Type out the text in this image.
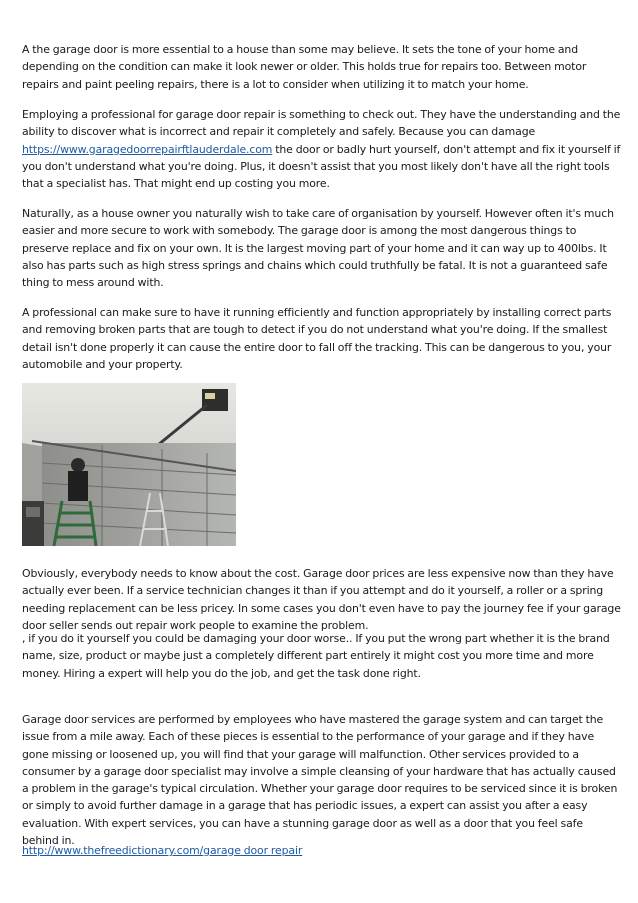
A the garage door is more essential to a house than some may believe. It sets the tone of your home and depending on the condition can make it look newer or older. This holds true for repairs too. Between motor repairs and paint peeling repairs, there is a lot to consider when utilizing it to match your home.

Employing a professional for garage door repair is something to check out. They have the understanding and the ability to discover what is incorrect and repair it completely and safely. Because you can damage https://www.garagedoorrepairftlauderdale.com the door or badly hurt yourself, don't attempt and fix it yourself if you don't understand what you're doing. Plus, it doesn't assist that you most likely don't have all the right tools that a specialist has. That might end up costing you more.

Naturally, as a house owner you naturally wish to take care of organisation by yourself. However often it's much easier and more secure to work with somebody. The garage door is among the most dangerous things to preserve replace and fix on your own. It is the largest moving part of your home and it can way up to 400lbs. It also has parts such as high stress springs and chains which could truthfully be fatal. It is not a guaranteed safe thing to mess around with.

A professional can make sure to have it running efficiently and function appropriately by installing correct parts and removing broken parts that are tough to detect if you do not understand what you're doing. If the smallest detail isn't done properly it can cause the entire door to fall off the tracking. This can be dangerous to you, your automobile and your property.

Obviously, everybody needs to know about the cost. Garage door prices are less expensive now than they have actually ever been. If a service technician changes it than if you attempt and do it yourself, a roller or a spring needing replacement can be less pricey. In some cases you don't even have to pay the journey fee if your garage door seller sends out repair work people to examine the problem.

, if you do it yourself you could be damaging your door worse.. If you put the wrong part whether it is the brand name, size, product or maybe just a completely different part entirely it might cost you more time and more money. Hiring a expert will help you do the job, and get the task done right.

Garage door services are performed by employees who have mastered the garage system and can target the issue from a mile away. Each of these pieces is essential to the performance of your garage and if they have gone missing or loosened up, you will find that your garage will malfunction. Other services provided to a consumer by a garage door specialist may involve a simple cleansing of your hardware that has actually caused a problem in the garage's typical circulation. Whether your garage door requires to be serviced since it is broken or simply to avoid further damage in a garage that has periodic issues, a expert can assist you after a easy evaluation. With expert services, you can have a stunning garage door as well as a door that you feel safe behind in.

http://www.thefreedictionary.com/garage door repair
